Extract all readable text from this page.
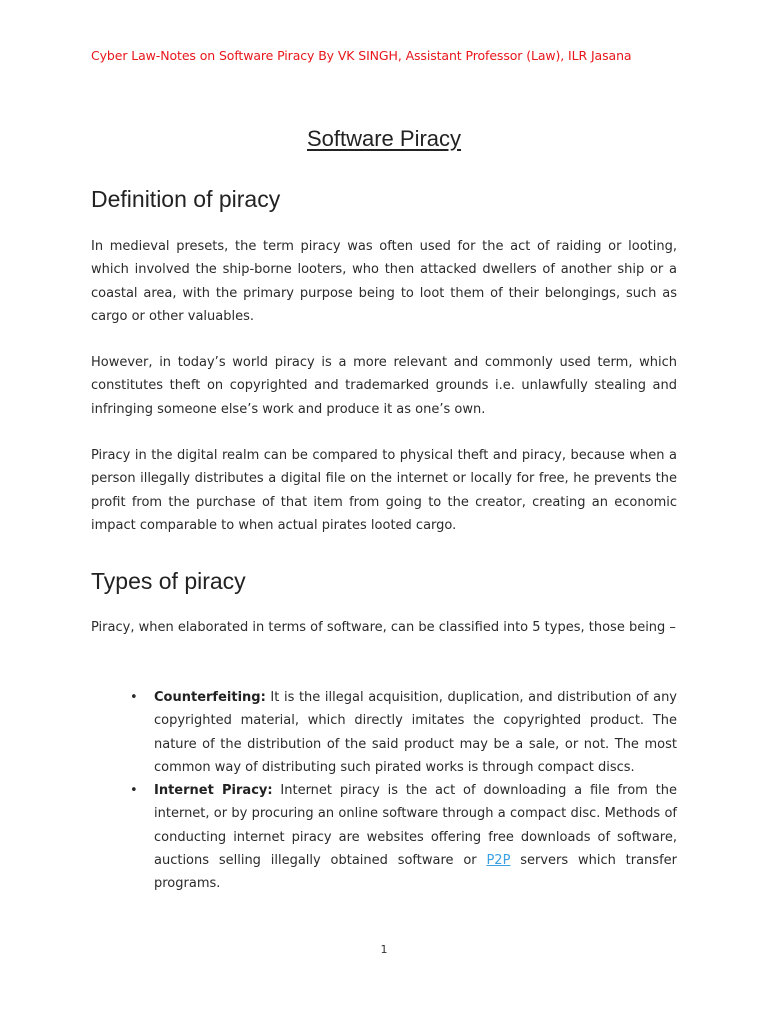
Cyber Law-Notes on Software Piracy By VK SINGH, Assistant Professor (Law), ILR Jasana
Software Piracy
Definition of piracy

In medieval presets, the term piracy was often used for the act of raiding or looting, which involved the ship-borne looters, who then attacked dwellers of another ship or a coastal area, with the primary purpose being to loot them of their belongings, such as cargo or other valuables.

However, in today’s world piracy is a more relevant and commonly used term, which constitutes theft on copyrighted and trademarked grounds i.e. unlawfully stealing and infringing someone else’s work and produce it as one’s own.

Piracy in the digital realm can be compared to physical theft and piracy, because when a person illegally distributes a digital file on the internet or locally for free, he prevents the profit from the purchase of that item from going to the creator, creating an economic impact comparable to when actual pirates looted cargo.

Types of piracy

Piracy, when elaborated in terms of software, can be classified into 5 types, those being –

• Counterfeiting: It is the illegal acquisition, duplication, and distribution of any copyrighted material, which directly imitates the copyrighted product. The nature of the distribution of the said product may be a sale, or not. The most common way of distributing such pirated works is through compact discs.
• Internet Piracy: Internet piracy is the act of downloading a file from the internet, or by procuring an online software through a compact disc. Methods of conducting internet piracy are websites offering free downloads of software, auctions selling illegally obtained software or P2P servers which transfer programs.
1
